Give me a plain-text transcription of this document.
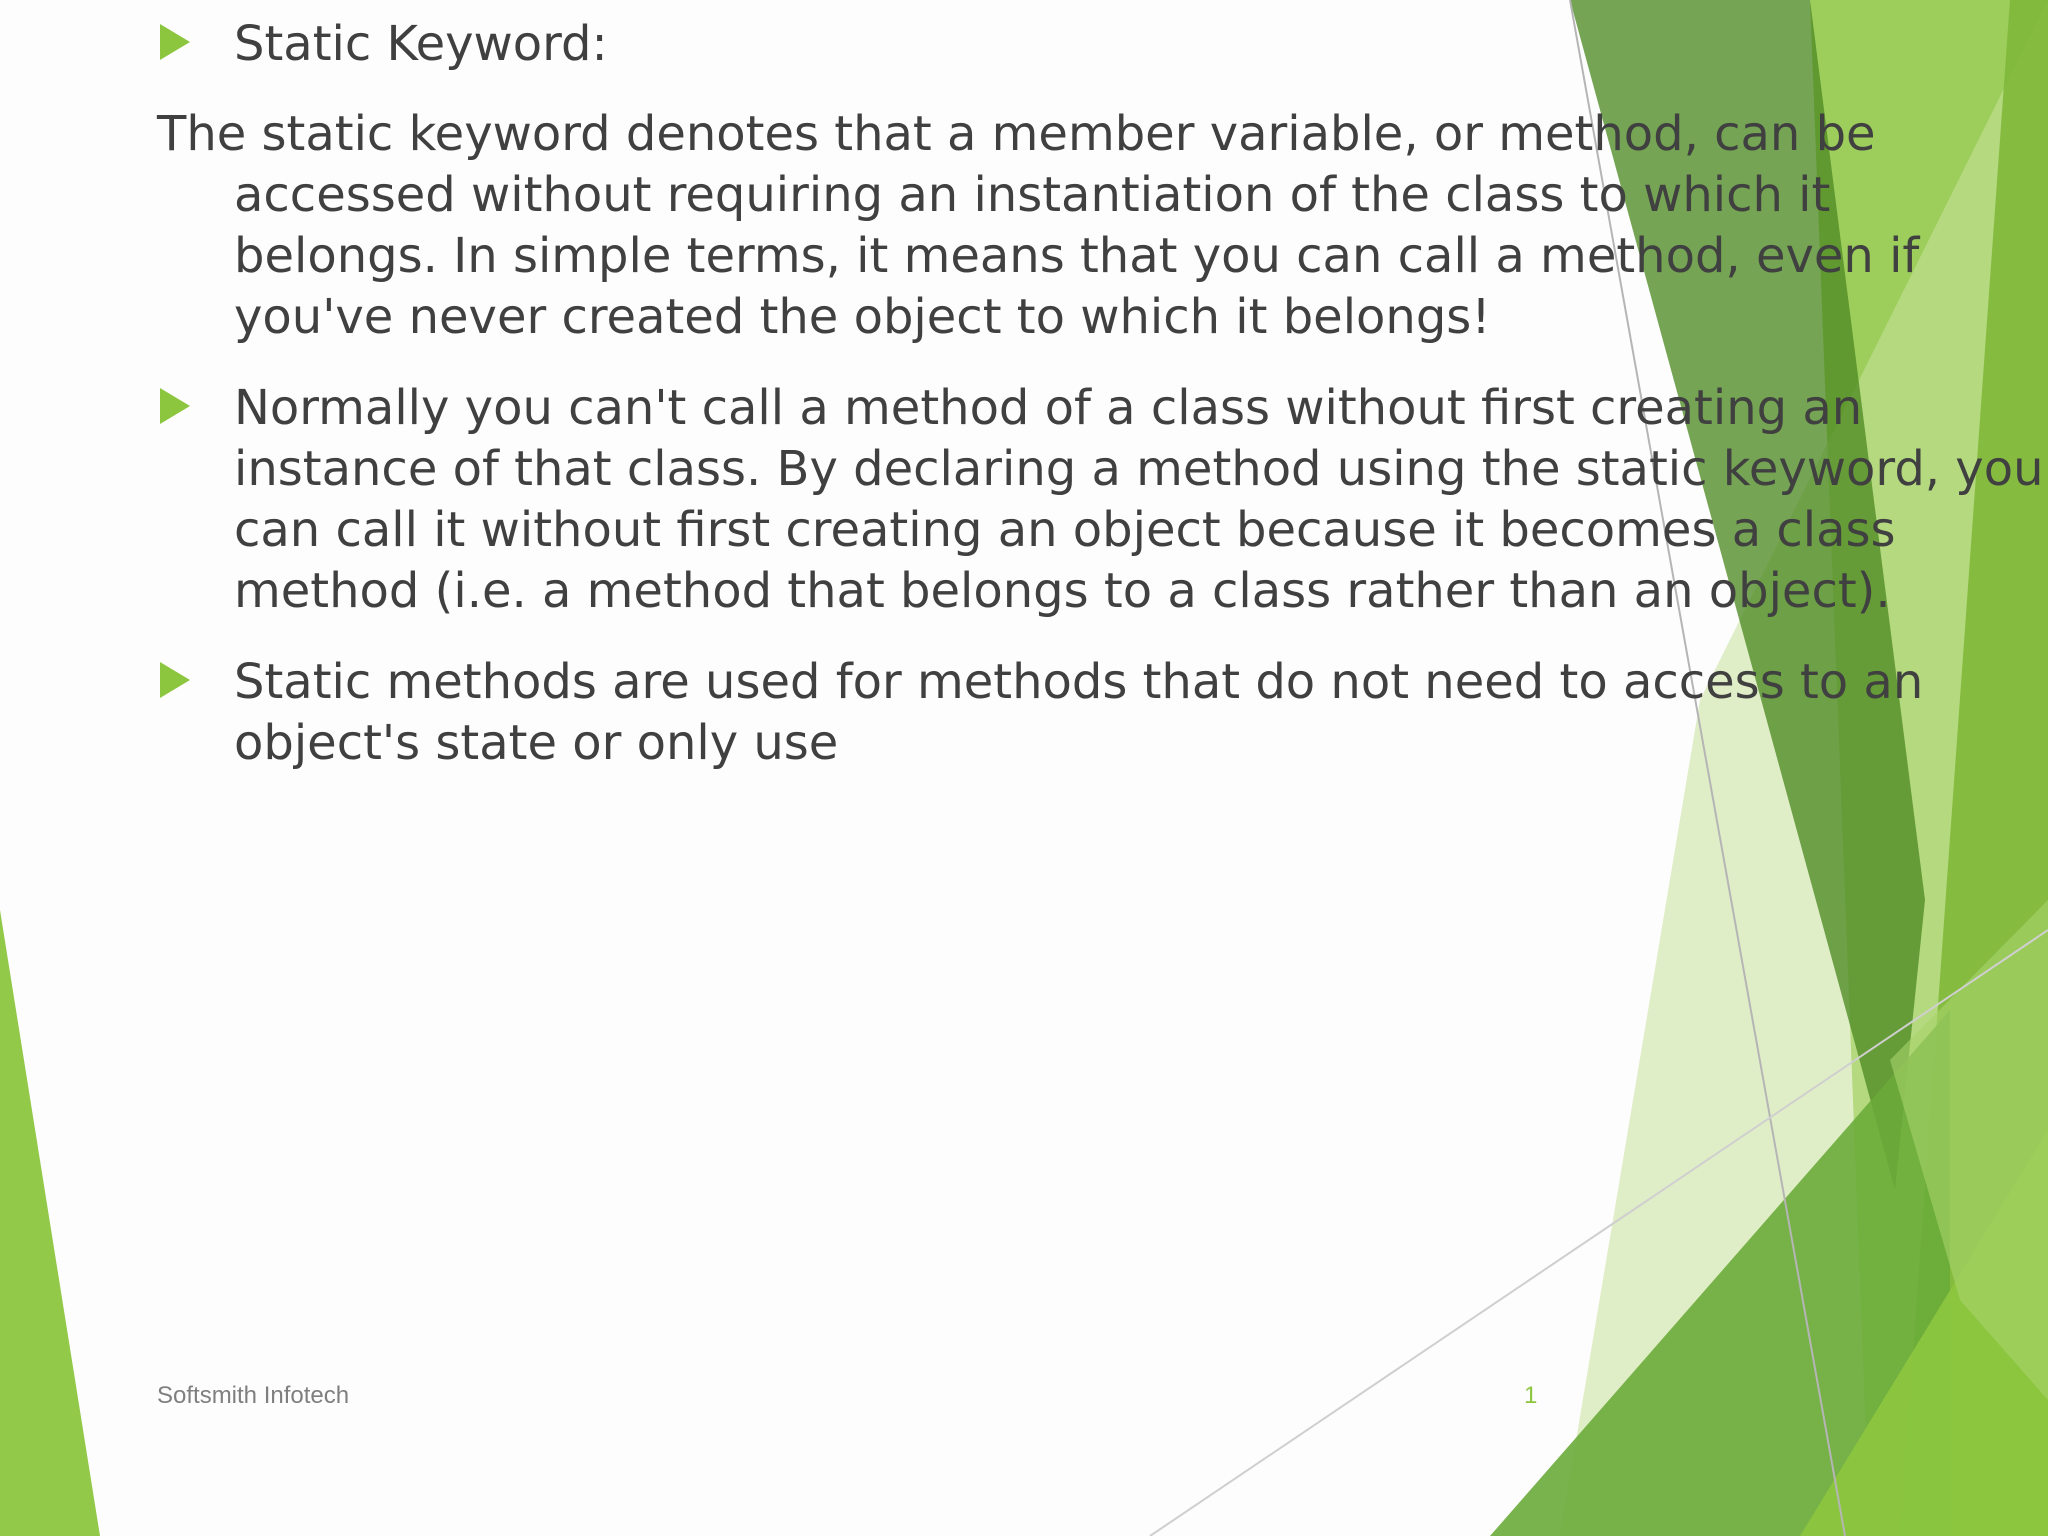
Static Keyword:
The static keyword denotes that a member variable, or method, can be
accessed without requiring an instantiation of the class to which it
belongs. In simple terms, it means that you can call a method, even if
you've never created the object to which it belongs!
Normally you can't call a method of a class without first creating an
instance of that class. By declaring a method using the static keyword, you
can call it without first creating an object because it becomes a class
method (i.e. a method that belongs to a class rather than an object).
Static methods are used for methods that do not need to access to an
object's state or only use
Softsmith Infotech	1
